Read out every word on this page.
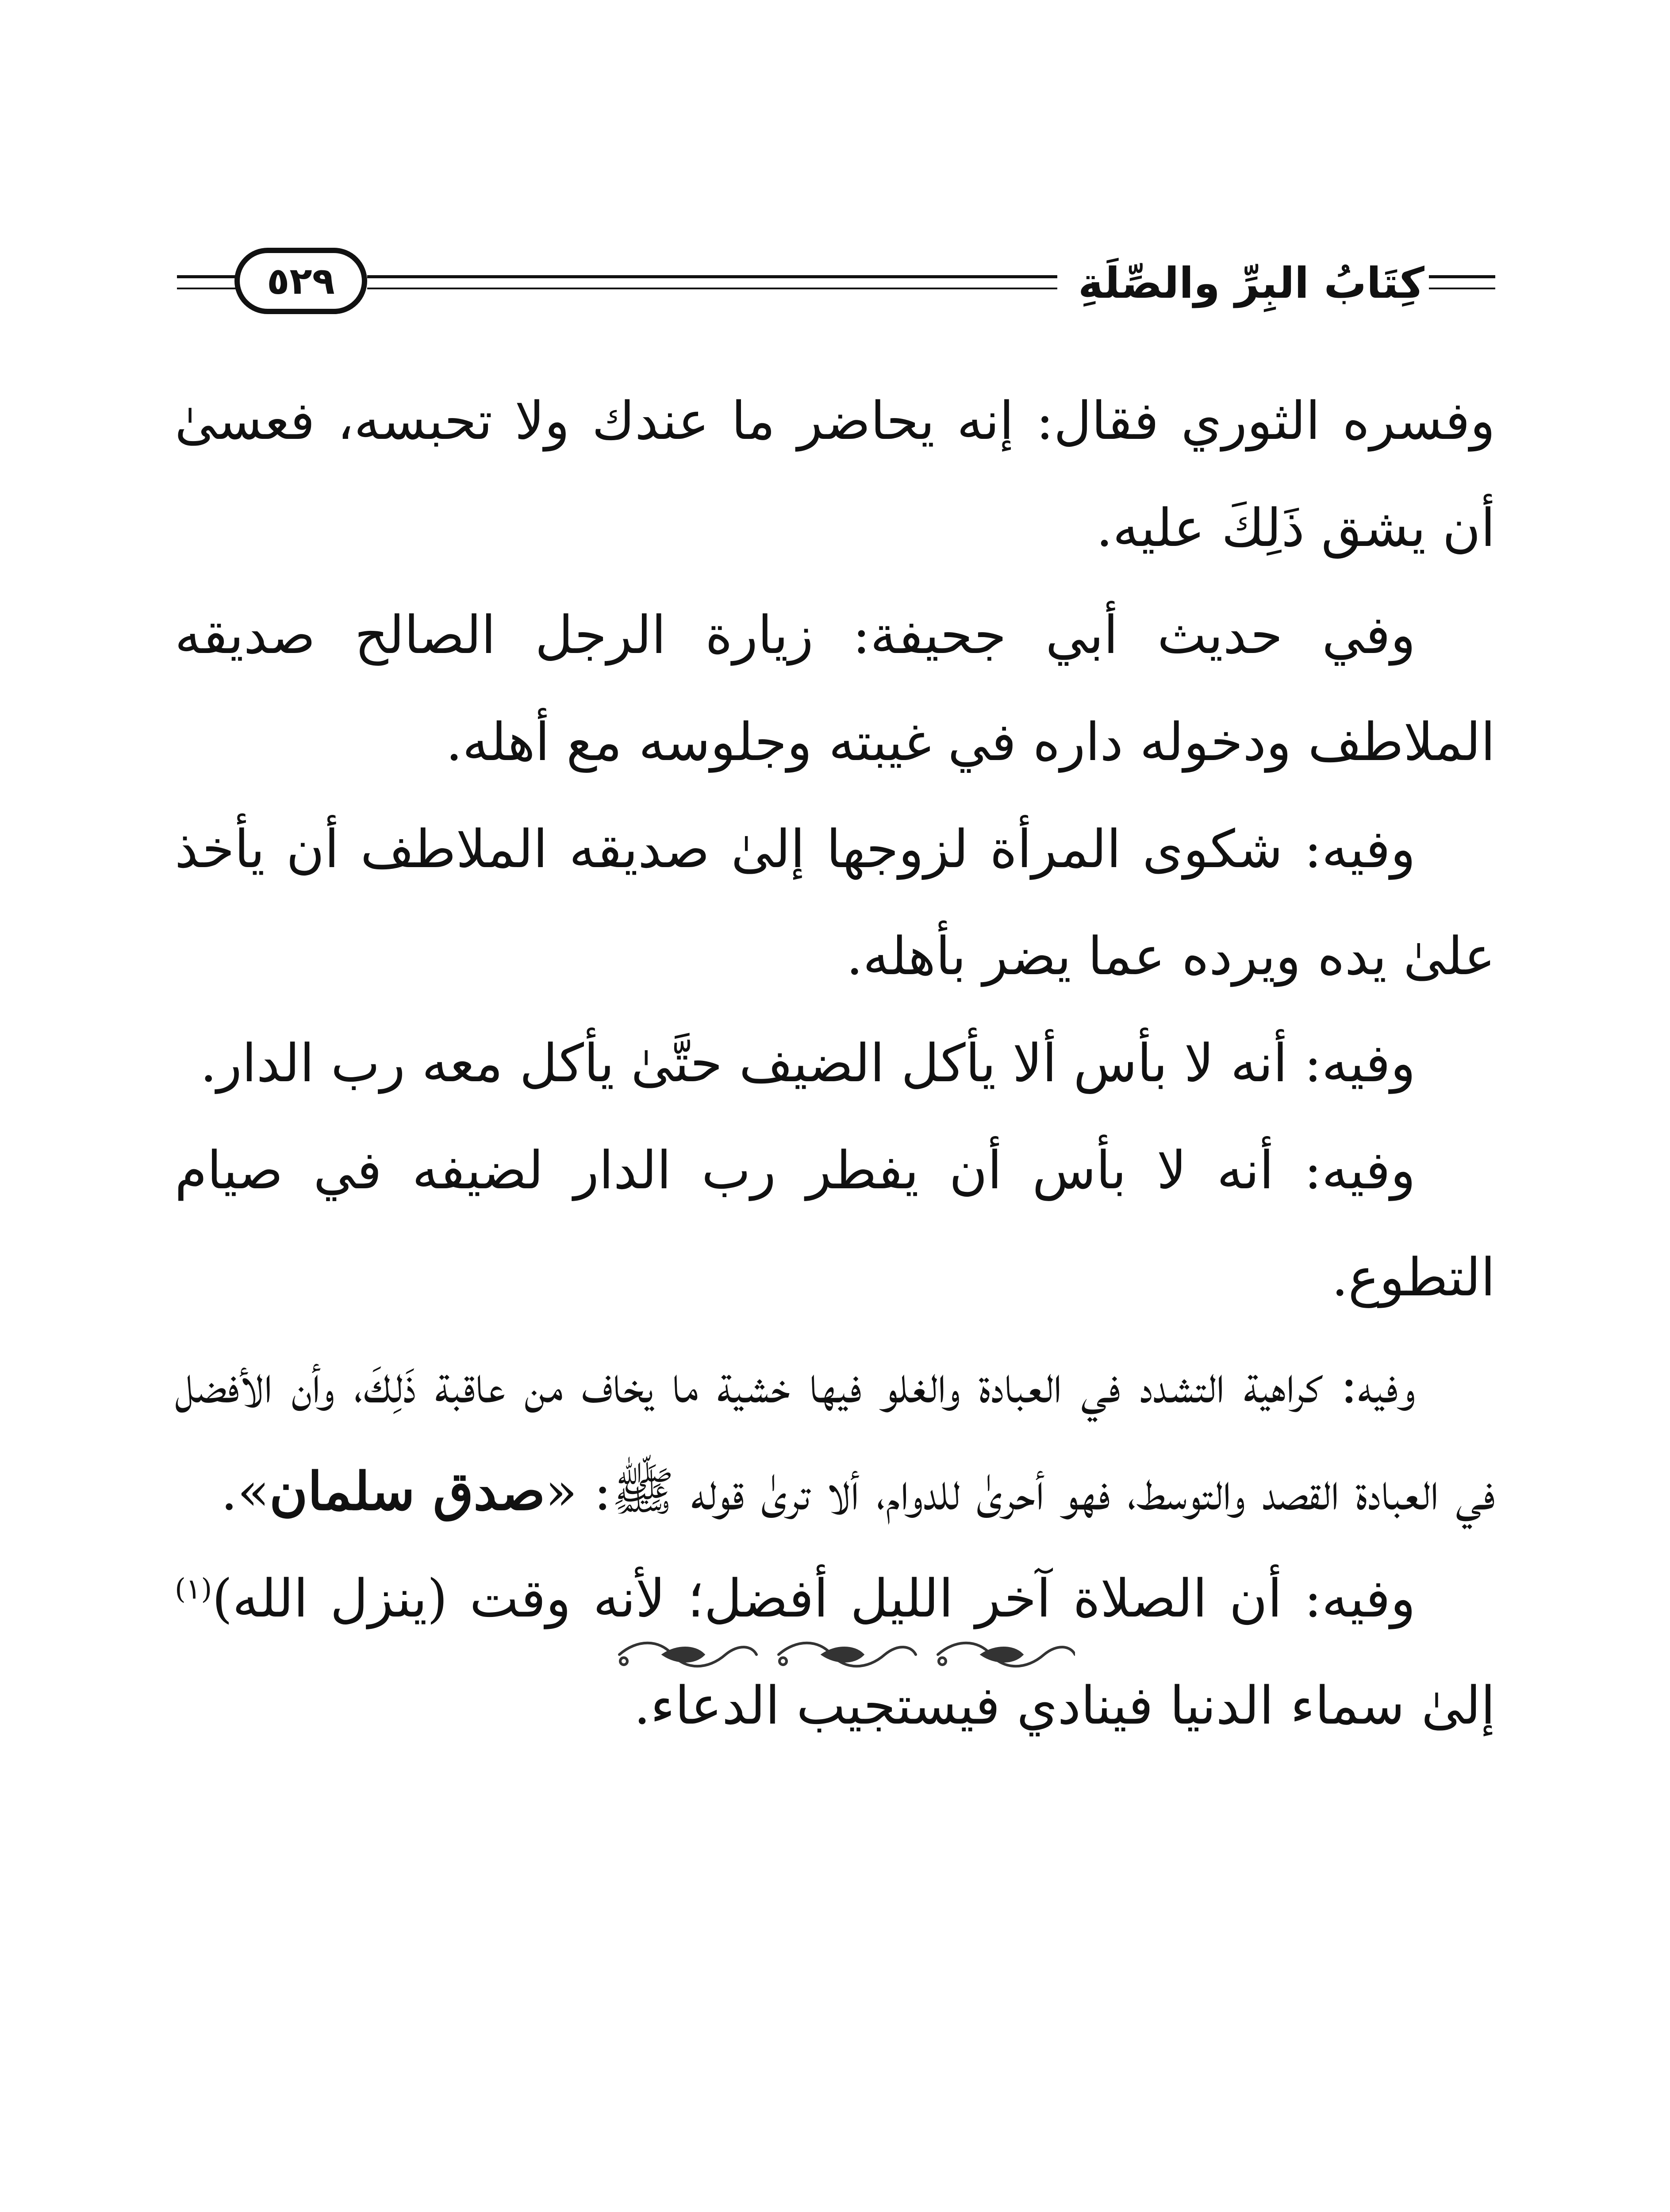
٥٢٩	كِتَابُ البِرِّ والصِّلَةِ

وفسره الثوري فقال: إنه يحاضر ما عندك ولا تحبسه، فعسىٰ أن يشق ذَلِكَ عليه.

وفي حديث أبي جحيفة: زيارة الرجل الصالح صديقه الملاطف ودخوله داره في غيبته وجلوسه مع أهله.

وفيه: شكوى المرأة لزوجها إلىٰ صديقه الملاطف أن يأخذ علىٰ يده ويرده عما يضر بأهله.

وفيه: أنه لا بأس ألا يأكل الضيف حتَّىٰ يأكل معه رب الدار.

وفيه: أنه لا بأس أن يفطر رب الدار لضيفه في صيام التطوع.

وفيه: كراهية التشدد في العبادة والغلو فيها خشية ما يخاف من عاقبة ذَلِكَ، وأن الأفضل في العبادة القصد والتوسط، فهو أحرىٰ للدوام، ألا ترىٰ قوله ﷺ: «صدق سلمان».

وفيه: أن الصلاة آخر الليل أفضل؛ لأنه وقت (ينزل الله)$^{(١)}$ إلىٰ سماء الدنيا فينادي فيستجيب الدعاء.
